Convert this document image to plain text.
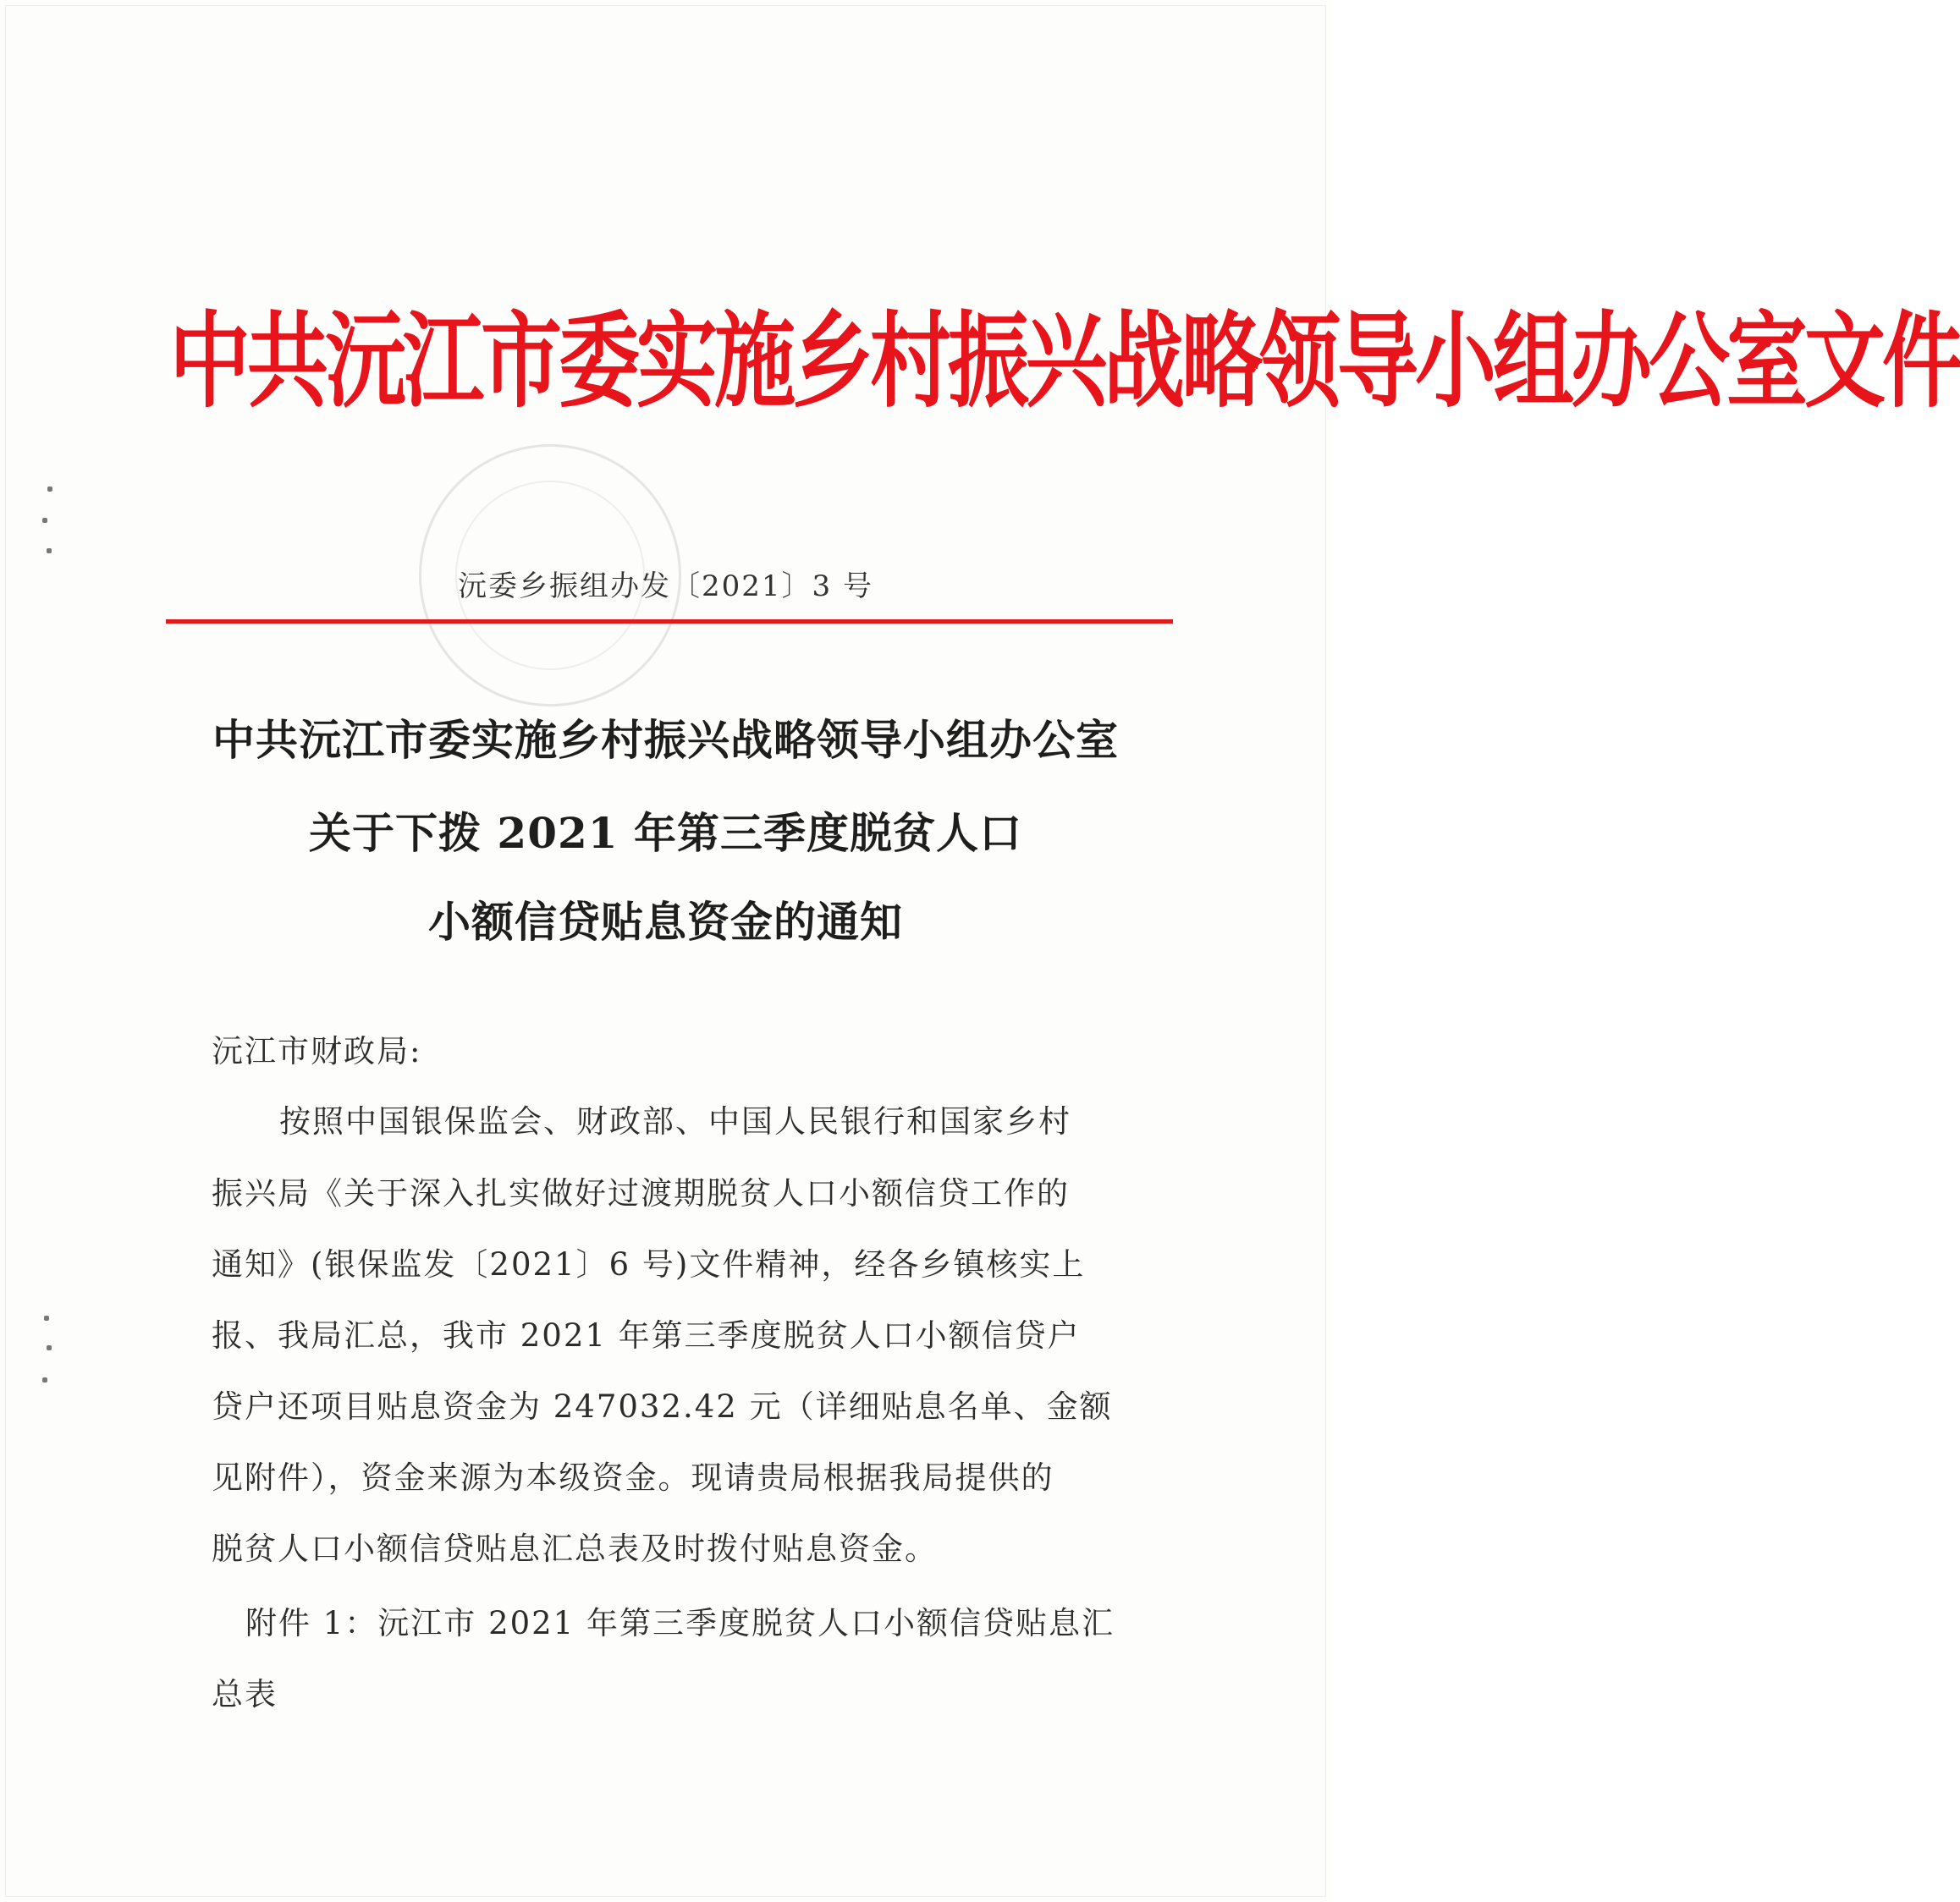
中共沅江市委实施乡村振兴战略领导小组办公室文件
沅委乡振组办发〔2021〕3 号
中共沅江市委实施乡村振兴战略领导小组办公室
关于下拨 2021 年第三季度脱贫人口
小额信贷贴息资金的通知
沅江市财政局:
按照中国银保监会、财政部、中国人民银行和国家乡村
振兴局《关于深入扎实做好过渡期脱贫人口小额信贷工作的
通知》(银保监发〔2021〕6 号)文件精神，经各乡镇核实上
报、我局汇总，我市 2021 年第三季度脱贫人口小额信贷户
贷户还项目贴息资金为 247032.42 元（详细贴息名单、金额
见附件），资金来源为本级资金。现请贵局根据我局提供的
脱贫人口小额信贷贴息汇总表及时拨付贴息资金。
附件 1：沅江市 2021 年第三季度脱贫人口小额信贷贴息汇
总表
